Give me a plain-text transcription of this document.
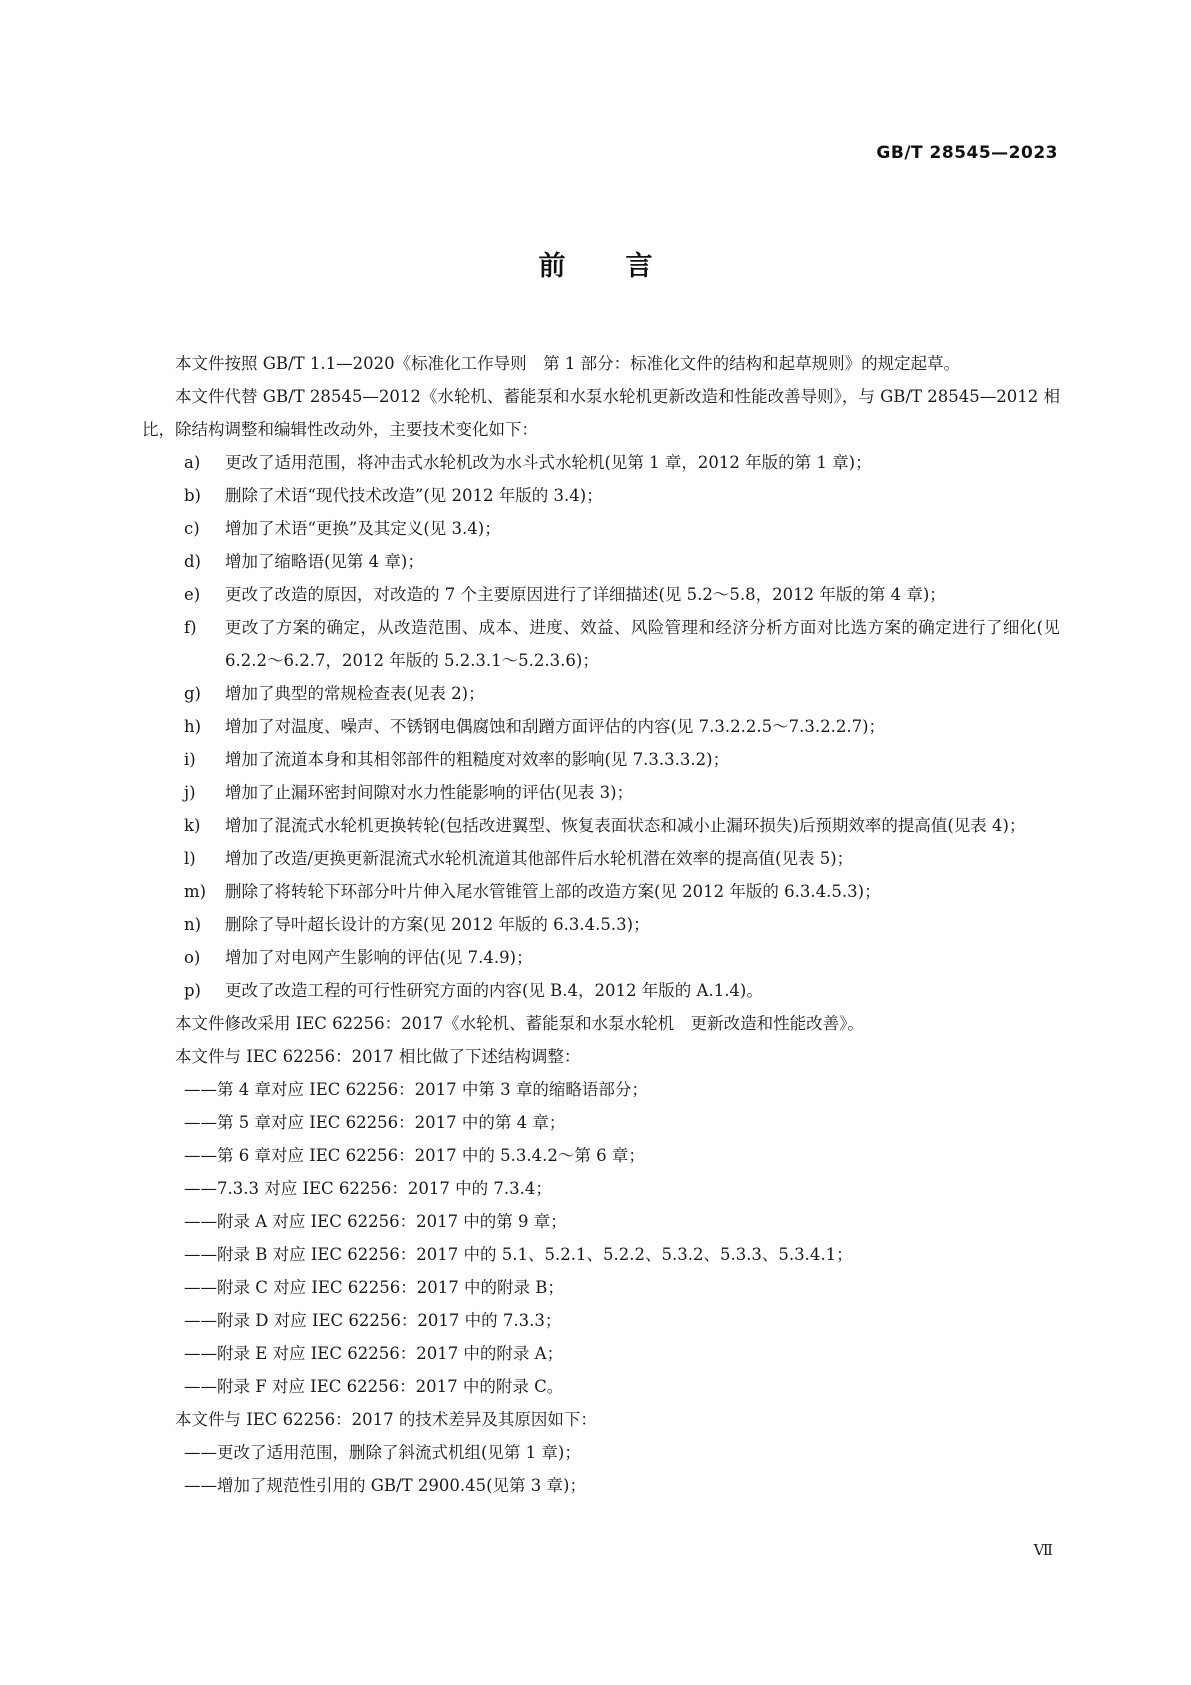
GB/T 28545—2023
前言

本文件按照 GB/T 1.1—2020《标准化工作导则　第 1 部分：标准化文件的结构和起草规则》的规定起草。

本文件代替 GB/T 28545—2012《水轮机、蓄能泵和水泵水轮机更新改造和性能改善导则》，与 GB/T 28545—2012 相比，除结构调整和编辑性改动外，主要技术变化如下：

a) 更改了适用范围，将冲击式水轮机改为水斗式水轮机(见第 1 章，2012 年版的第 1 章)；

b) 删除了术语“现代技术改造”(见 2012 年版的 3.4)；

c) 增加了术语“更换”及其定义(见 3.4)；

d) 增加了缩略语(见第 4 章)；

e) 更改了改造的原因，对改造的 7 个主要原因进行了详细描述(见 5.2～5.8，2012 年版的第 4 章)；

f) 更改了方案的确定，从改造范围、成本、进度、效益、风险管理和经济分析方面对比选方案的确定进行了细化(见 6.2.2～6.2.7，2012 年版的 5.2.3.1～5.2.3.6)；

g) 增加了典型的常规检查表(见表 2)；

h) 增加了对温度、噪声、不锈钢电偶腐蚀和刮蹭方面评估的内容(见 7.3.2.2.5～7.3.2.2.7)；

i) 增加了流道本身和其相邻部件的粗糙度对效率的影响(见 7.3.3.3.2)；

j) 增加了止漏环密封间隙对水力性能影响的评估(见表 3)；

k) 增加了混流式水轮机更换转轮(包括改进翼型、恢复表面状态和减小止漏环损失)后预期效率的提高值(见表 4)；

l) 增加了改造/更换更新混流式水轮机流道其他部件后水轮机潜在效率的提高值(见表 5)；

m) 删除了将转轮下环部分叶片伸入尾水管锥管上部的改造方案(见 2012 年版的 6.3.4.5.3)；

n) 删除了导叶超长设计的方案(见 2012 年版的 6.3.4.5.3)；

o) 增加了对电网产生影响的评估(见 7.4.9)；

p) 更改了改造工程的可行性研究方面的内容(见 B.4，2012 年版的 A.1.4)。

本文件修改采用 IEC 62256：2017《水轮机、蓄能泵和水泵水轮机　更新改造和性能改善》。

本文件与 IEC 62256：2017 相比做了下述结构调整：

——第 4 章对应 IEC 62256：2017 中第 3 章的缩略语部分；

——第 5 章对应 IEC 62256：2017 中的第 4 章；

——第 6 章对应 IEC 62256：2017 中的 5.3.4.2～第 6 章；

——7.3.3 对应 IEC 62256：2017 中的 7.3.4；

——附录 A 对应 IEC 62256：2017 中的第 9 章；

——附录 B 对应 IEC 62256：2017 中的 5.1、5.2.1、5.2.2、5.3.2、5.3.3、5.3.4.1；

——附录 C 对应 IEC 62256：2017 中的附录 B；

——附录 D 对应 IEC 62256：2017 中的 7.3.3；

——附录 E 对应 IEC 62256：2017 中的附录 A；

——附录 F 对应 IEC 62256：2017 中的附录 C。

本文件与 IEC 62256：2017 的技术差异及其原因如下：

——更改了适用范围，删除了斜流式机组(见第 1 章)；

——增加了规范性引用的 GB/T 2900.45(见第 3 章)；

Ⅶ
